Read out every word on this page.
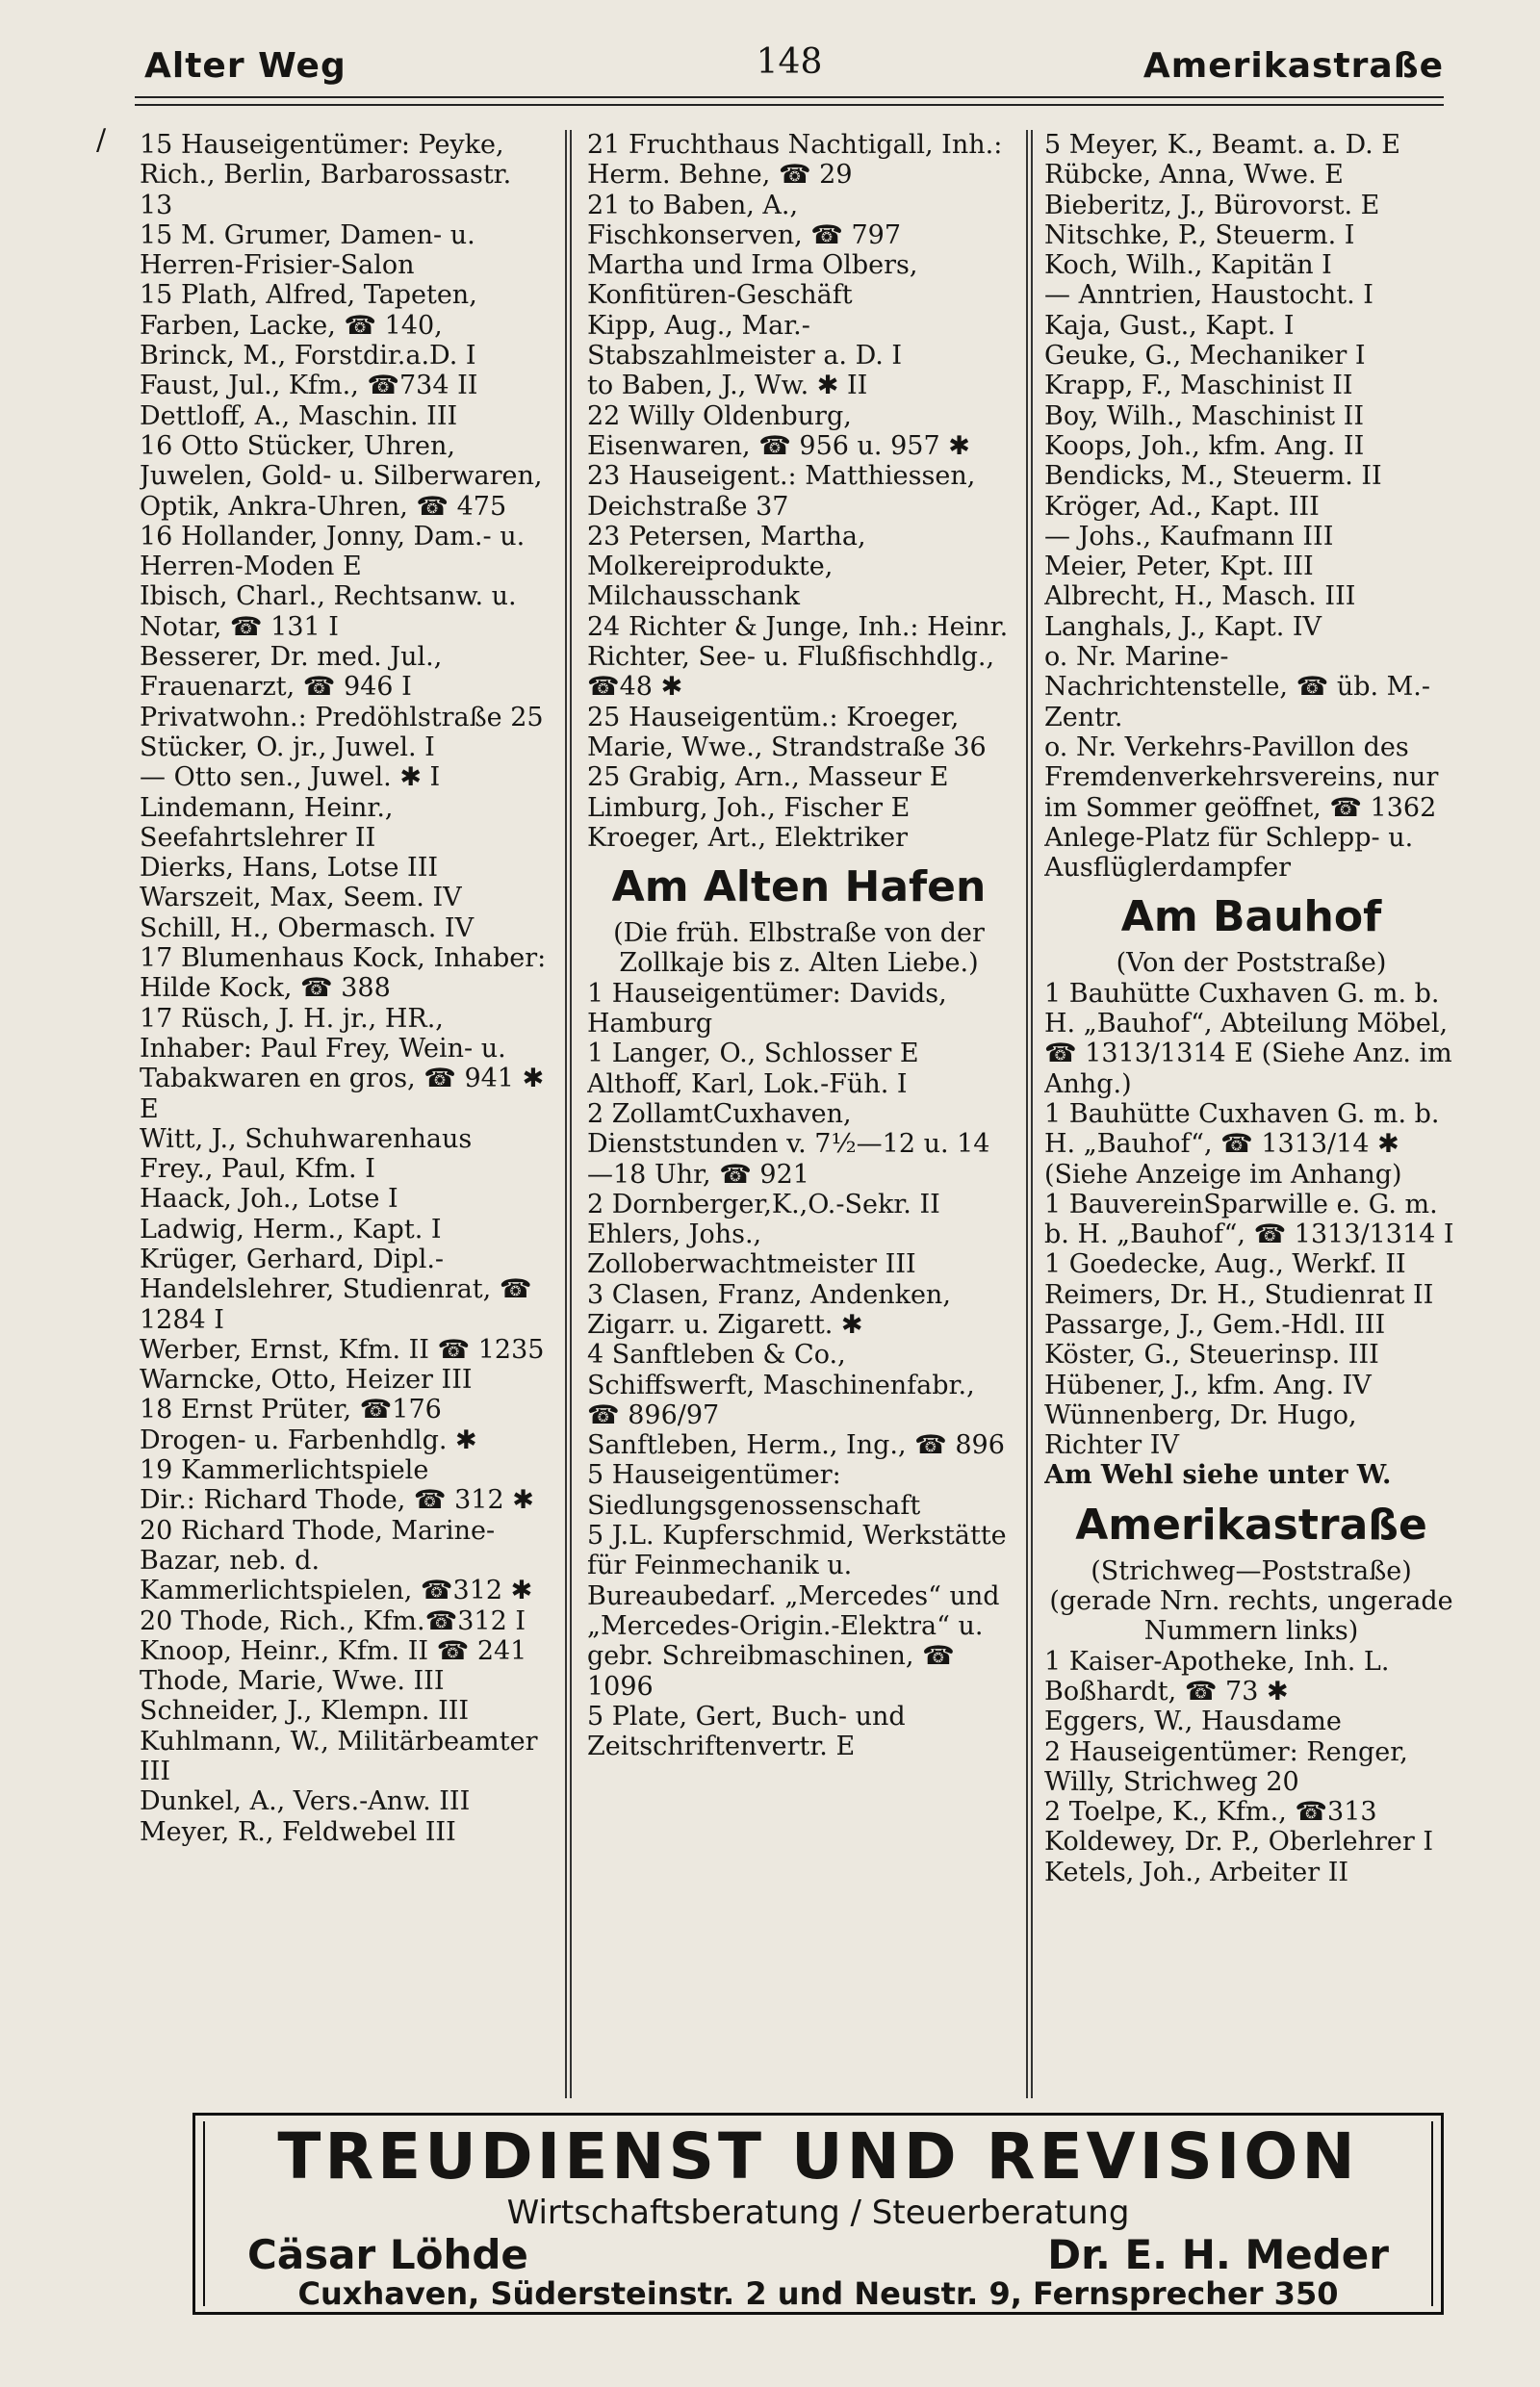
/
Alter Weg	148	Amerikastraße
15 Hauseigentümer: Peyke, Rich., Berlin, Barbarossastr. 13
15 M. Grumer, Damen- u. Herren-Frisier-Salon
15 Plath, Alfred, Tapeten, Farben, Lacke, ☎ 140,
Brinck, M., Forstdir.a.D. I
Faust, Jul., Kfm., ☎734 II
Dettloff, A., Maschin. III
16 Otto Stücker, Uhren, Juwelen, Gold- u. Silberwaren, Optik, Ankra-Uhren, ☎ 475
16 Hollander, Jonny, Dam.- u. Herren-Moden E
Ibisch, Charl., Rechtsanw. u. Notar, ☎ 131 I
Besserer, Dr. med. Jul., Frauenarzt, ☎ 946 I
Privatwohn.: Predöhlstraße 25
Stücker, O. jr., Juwel. I
— Otto sen., Juwel. ✱ I
Lindemann, Heinr., Seefahrtslehrer II
Dierks, Hans, Lotse III
Warszeit, Max, Seem. IV
Schill, H., Obermasch. IV
17 Blumenhaus Kock, Inhaber: Hilde Kock, ☎ 388
17 Rüsch, J. H. jr., HR., Inhaber: Paul Frey, Wein- u. Tabakwaren en gros, ☎ 941 ✱ E
Witt, J., Schuhwarenhaus
Frey., Paul, Kfm. I
Haack, Joh., Lotse I
Ladwig, Herm., Kapt. I
Krüger, Gerhard, Dipl.-Handelslehrer, Studienrat, ☎ 1284 I
Werber, Ernst, Kfm. II ☎ 1235
Warncke, Otto, Heizer III
18 Ernst Prüter, ☎176
Drogen- u. Farbenhdlg. ✱
19 Kammerlichtspiele
Dir.: Richard Thode, ☎ 312 ✱
20 Richard Thode, Marine-Bazar, neb. d. Kammerlichtspielen, ☎312 ✱
20 Thode, Rich., Kfm.☎312 I
Knoop, Heinr., Kfm. II ☎ 241
Thode, Marie, Wwe. III
Schneider, J., Klempn. III
Kuhlmann, W., Militärbeamter III
Dunkel, A., Vers.-Anw. III
Meyer, R., Feldwebel III
21 Fruchthaus Nachtigall, Inh.: Herm. Behne, ☎ 29
21 to Baben, A., Fischkonserven, ☎ 797
Martha und Irma Olbers, Konfitüren-Geschäft
Kipp, Aug., Mar.-Stabszahlmeister a. D. I
to Baben, J., Ww. ✱ II
22 Willy Oldenburg, Eisenwaren, ☎ 956 u. 957 ✱
23 Hauseigent.: Matthiessen, Deichstraße 37
23 Petersen, Martha, Molkereiprodukte, Milchausschank
24 Richter & Junge, Inh.: Heinr. Richter, See- u. Flußfischhdlg., ☎48 ✱
25 Hauseigentüm.: Kroeger, Marie, Wwe., Strandstraße 36
25 Grabig, Arn., Masseur E
Limburg, Joh., Fischer E
Kroeger, Art., Elektriker
Am Alten Hafen
(Die früh. Elbstraße von der Zollkaje bis z. Alten Liebe.)
1 Hauseigentümer: Davids, Hamburg
1 Langer, O., Schlosser E
Althoff, Karl, Lok.-Füh. I
2 ZollamtCuxhaven, Dienststunden v. 7½—12 u. 14—18 Uhr, ☎ 921
2 Dornberger,K.,O.-Sekr. II
Ehlers, Johs., Zolloberwachtmeister III
3 Clasen, Franz, Andenken, Zigarr. u. Zigarett. ✱
4 Sanftleben & Co., Schiffswerft, Maschinenfabr., ☎ 896/97
Sanftleben, Herm., Ing., ☎ 896
5 Hauseigentümer: Siedlungsgenossenschaft
5 J.L. Kupferschmid, Werkstätte für Feinmechanik u. Bureaubedarf. „Mercedes“ und „Mercedes-Origin.-Elektra“ u. gebr. Schreibmaschinen, ☎ 1096
5 Plate, Gert, Buch- und Zeitschriftenvertr. E
5 Meyer, K., Beamt. a. D. E
Rübcke, Anna, Wwe. E
Bieberitz, J., Bürovorst. E
Nitschke, P., Steuerm. I
Koch, Wilh., Kapitän I
— Anntrien, Haustocht. I
Kaja, Gust., Kapt. I
Geuke, G., Mechaniker I
Krapp, F., Maschinist II
Boy, Wilh., Maschinist II
Koops, Joh., kfm. Ang. II
Bendicks, M., Steuerm. II
Kröger, Ad., Kapt. III
— Johs., Kaufmann III
Meier, Peter, Kpt. III
Albrecht, H., Masch. III
Langhals, J., Kapt. IV
o. Nr. Marine-Nachrichtenstelle, ☎ üb. M.-Zentr.
o. Nr. Verkehrs-Pavillon des Fremdenverkehrsvereins, nur im Sommer geöffnet, ☎ 1362
Anlege-Platz für Schlepp- u. Ausflüglerdampfer
Am Bauhof
(Von der Poststraße)
1 Bauhütte Cuxhaven G. m. b. H. „Bauhof“, Abteilung Möbel, ☎ 1313/1314 E (Siehe Anz. im Anhg.)
1 Bauhütte Cuxhaven G. m. b. H. „Bauhof“, ☎ 1313/14 ✱ (Siehe Anzeige im Anhang)
1 BauvereinSparwille e. G. m. b. H. „Bauhof“, ☎ 1313/1314 I
1 Goedecke, Aug., Werkf. II
Reimers, Dr. H., Studienrat II
Passarge, J., Gem.-Hdl. III
Köster, G., Steuerinsp. III
Hübener, J., kfm. Ang. IV
Wünnenberg, Dr. Hugo, Richter IV
Am Wehl siehe unter W.
Amerikastraße
(Strichweg—Poststraße) (gerade Nrn. rechts, ungerade Nummern links)
1 Kaiser-Apotheke, Inh. L. Boßhardt, ☎ 73 ✱
Eggers, W., Hausdame
2 Hauseigentümer: Renger, Willy, Strichweg 20
2 Toelpe, K., Kfm., ☎313
Koldewey, Dr. P., Oberlehrer I
Ketels, Joh., Arbeiter II
TREUDIENST UND REVISION
Wirtschaftsberatung / Steuerberatung
Cäsar Löhde	Dr. E. H. Meder
Cuxhaven, Südersteinstr. 2 und Neustr. 9, Fernsprecher 350
